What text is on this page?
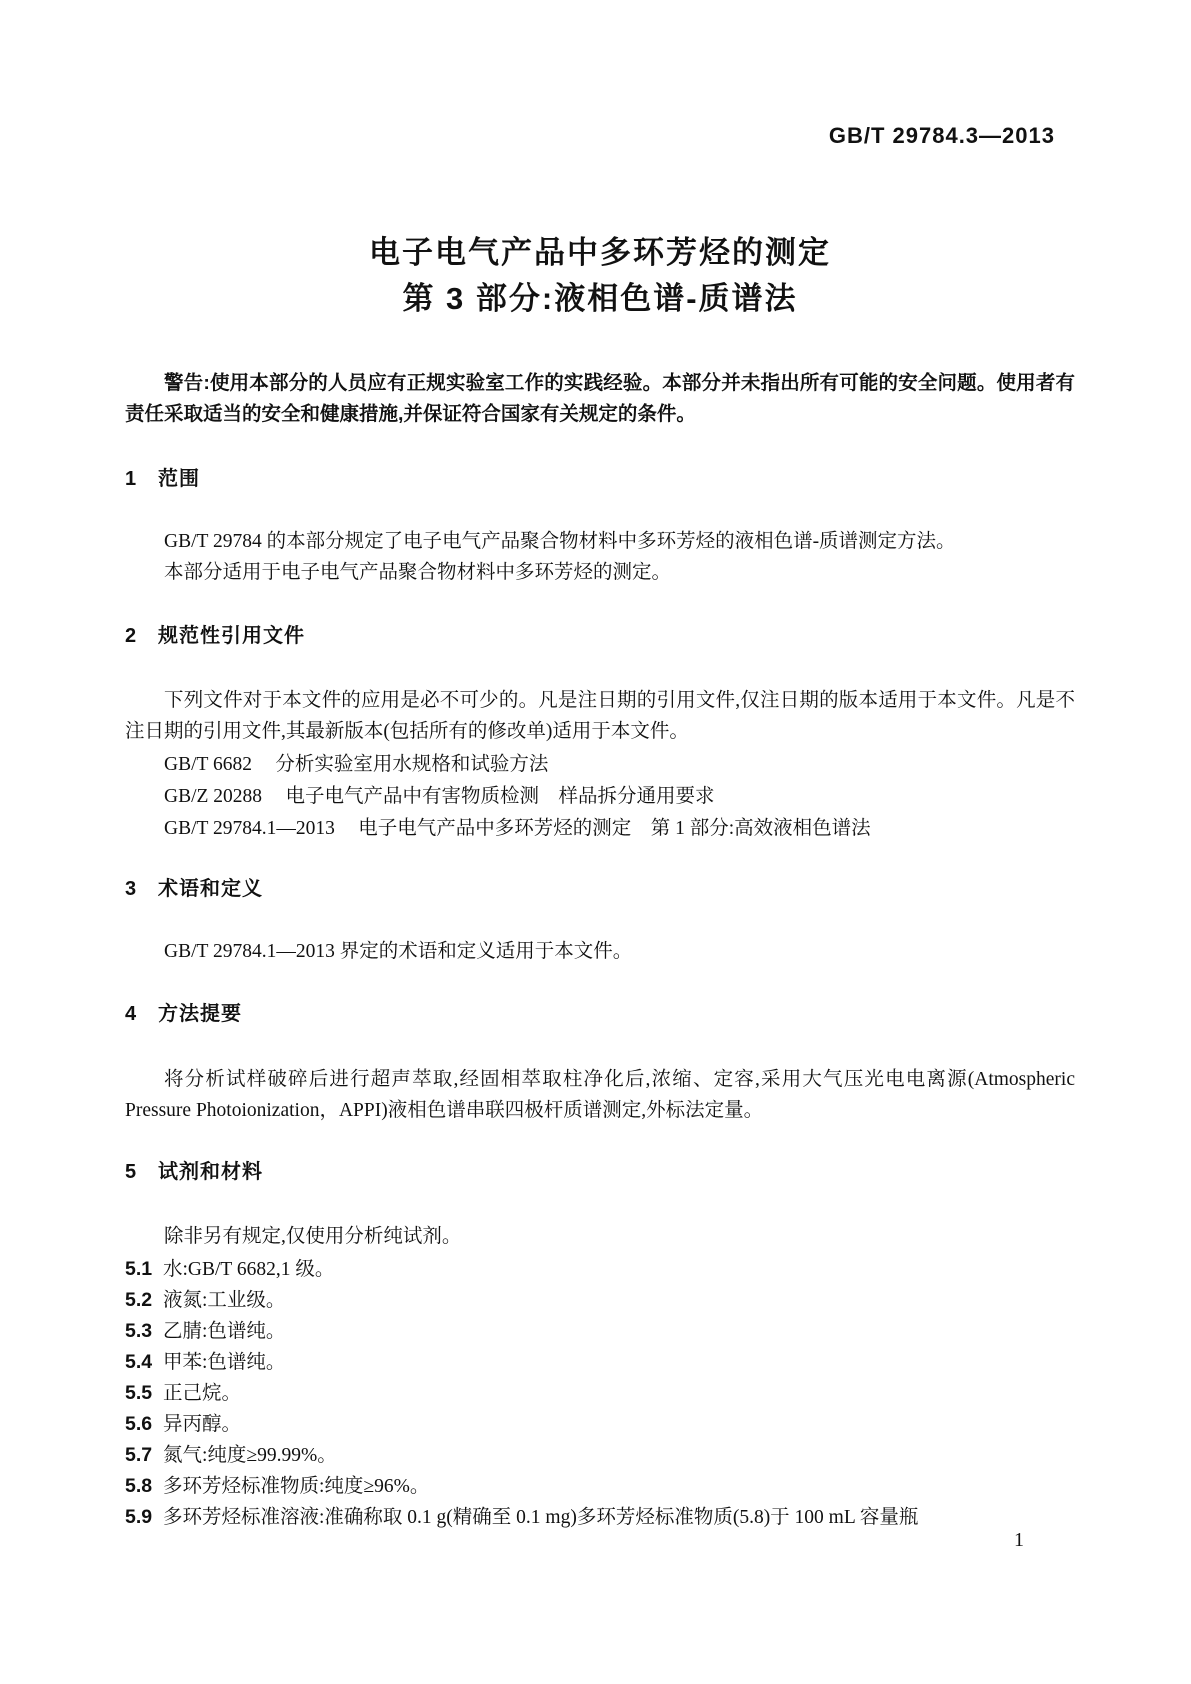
GB/T 29784.3—2013
电子电气产品中多环芳烃的测定
第 3 部分:液相色谱-质谱法

警告:使用本部分的人员应有正规实验室工作的实践经验。本部分并未指出所有可能的安全问题。使用者有责任采取适当的安全和健康措施,并保证符合国家有关规定的条件。

1 范围

GB/T 29784 的本部分规定了电子电气产品聚合物材料中多环芳烃的液相色谱-质谱测定方法。

本部分适用于电子电气产品聚合物材料中多环芳烃的测定。

2 规范性引用文件

下列文件对于本文件的应用是必不可少的。凡是注日期的引用文件,仅注日期的版本适用于本文件。凡是不注日期的引用文件,其最新版本(包括所有的修改单)适用于本文件。

GB/T 6682 分析实验室用水规格和试验方法

GB/Z 20288 电子电气产品中有害物质检测　样品拆分通用要求

GB/T 29784.1—2013 电子电气产品中多环芳烃的测定　第 1 部分:高效液相色谱法

3 术语和定义

GB/T 29784.1—2013 界定的术语和定义适用于本文件。

4 方法提要

将分析试样破碎后进行超声萃取,经固相萃取柱净化后,浓缩、定容,采用大气压光电电离源(Atmospheric Pressure Photoionization，APPI)液相色谱串联四极杆质谱测定,外标法定量。

5 试剂和材料

除非另有规定,仅使用分析纯试剂。

5.1 水:GB/T 6682,1 级。

5.2 液氮:工业级。

5.3 乙腈:色谱纯。

5.4 甲苯:色谱纯。

5.5 正己烷。

5.6 异丙醇。

5.7 氮气:纯度≥99.99%。

5.8 多环芳烃标准物质:纯度≥96%。

5.9 多环芳烃标准溶液:准确称取 0.1 g(精确至 0.1 mg)多环芳烃标准物质(5.8)于 100 mL 容量瓶

1
